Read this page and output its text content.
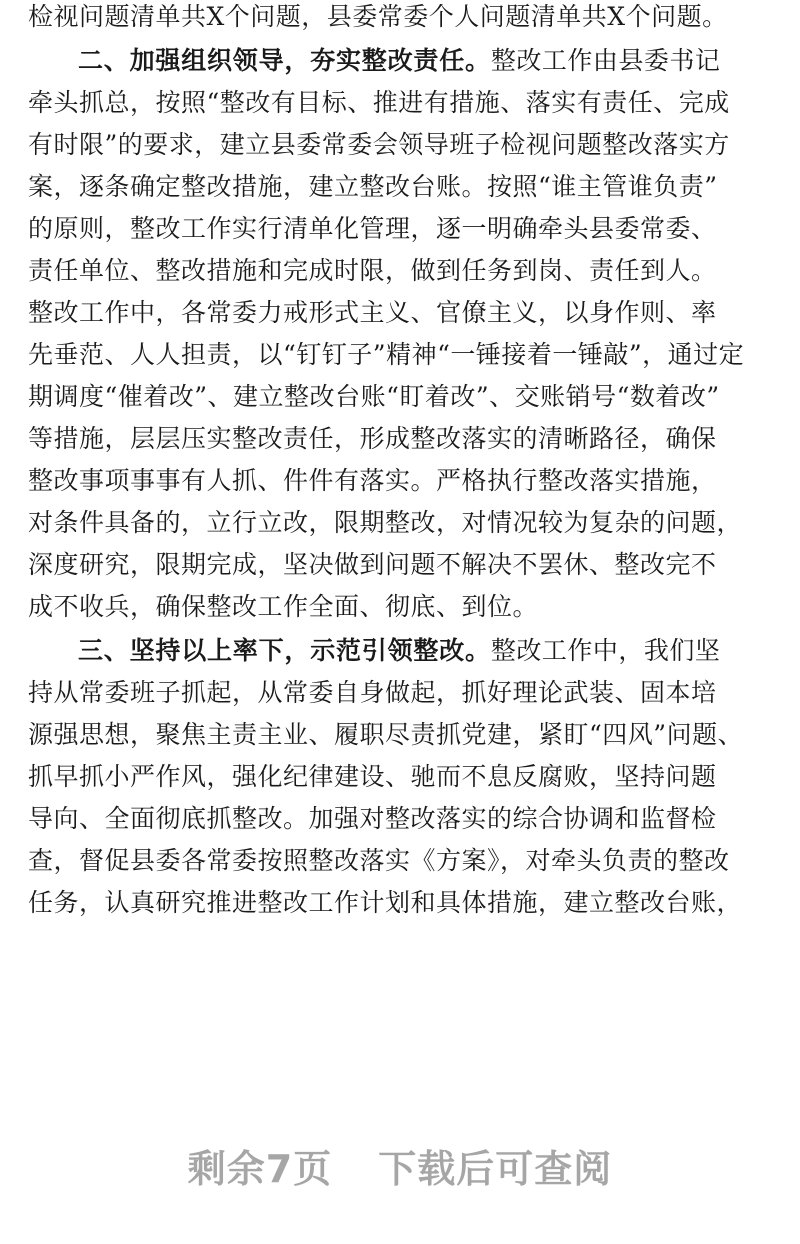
检视问题清单共X个问题，县委常委个人问题清单共X个问题。
二、加强组织领导，夯实整改责任。整改工作由县委书记
牵头抓总，按照“整改有目标、推进有措施、落实有责任、完成
有时限”的要求，建立县委常委会领导班子检视问题整改落实方
案，逐条确定整改措施，建立整改台账。按照“谁主管谁负责”
的原则，整改工作实行清单化管理，逐一明确牵头县委常委、
责任单位、整改措施和完成时限，做到任务到岗、责任到人。
整改工作中，各常委力戒形式主义、官僚主义，以身作则、率
先垂范、人人担责，以“钉钉子”精神“一锤接着一锤敲”，通过定
期调度“催着改”、建立整改台账“盯着改”、交账销号“数着改”
等措施，层层压实整改责任，形成整改落实的清晰路径，确保
整改事项事事有人抓、件件有落实。严格执行整改落实措施，
对条件具备的，立行立改，限期整改，对情况较为复杂的问题，
深度研究，限期完成，坚决做到问题不解决不罢休、整改完不
成不收兵，确保整改工作全面、彻底、到位。
三、坚持以上率下，示范引领整改。整改工作中，我们坚
持从常委班子抓起，从常委自身做起，抓好理论武装、固本培
源强思想，聚焦主责主业、履职尽责抓党建，紧盯“四风”问题、
抓早抓小严作风，强化纪律建设、驰而不息反腐败，坚持问题
导向、全面彻底抓整改。加强对整改落实的综合协调和监督检
查，督促县委各常委按照整改落实《方案》，对牵头负责的整改
任务，认真研究推进整改工作计划和具体措施，建立整改台账，
剩余7页 下载后可查阅
